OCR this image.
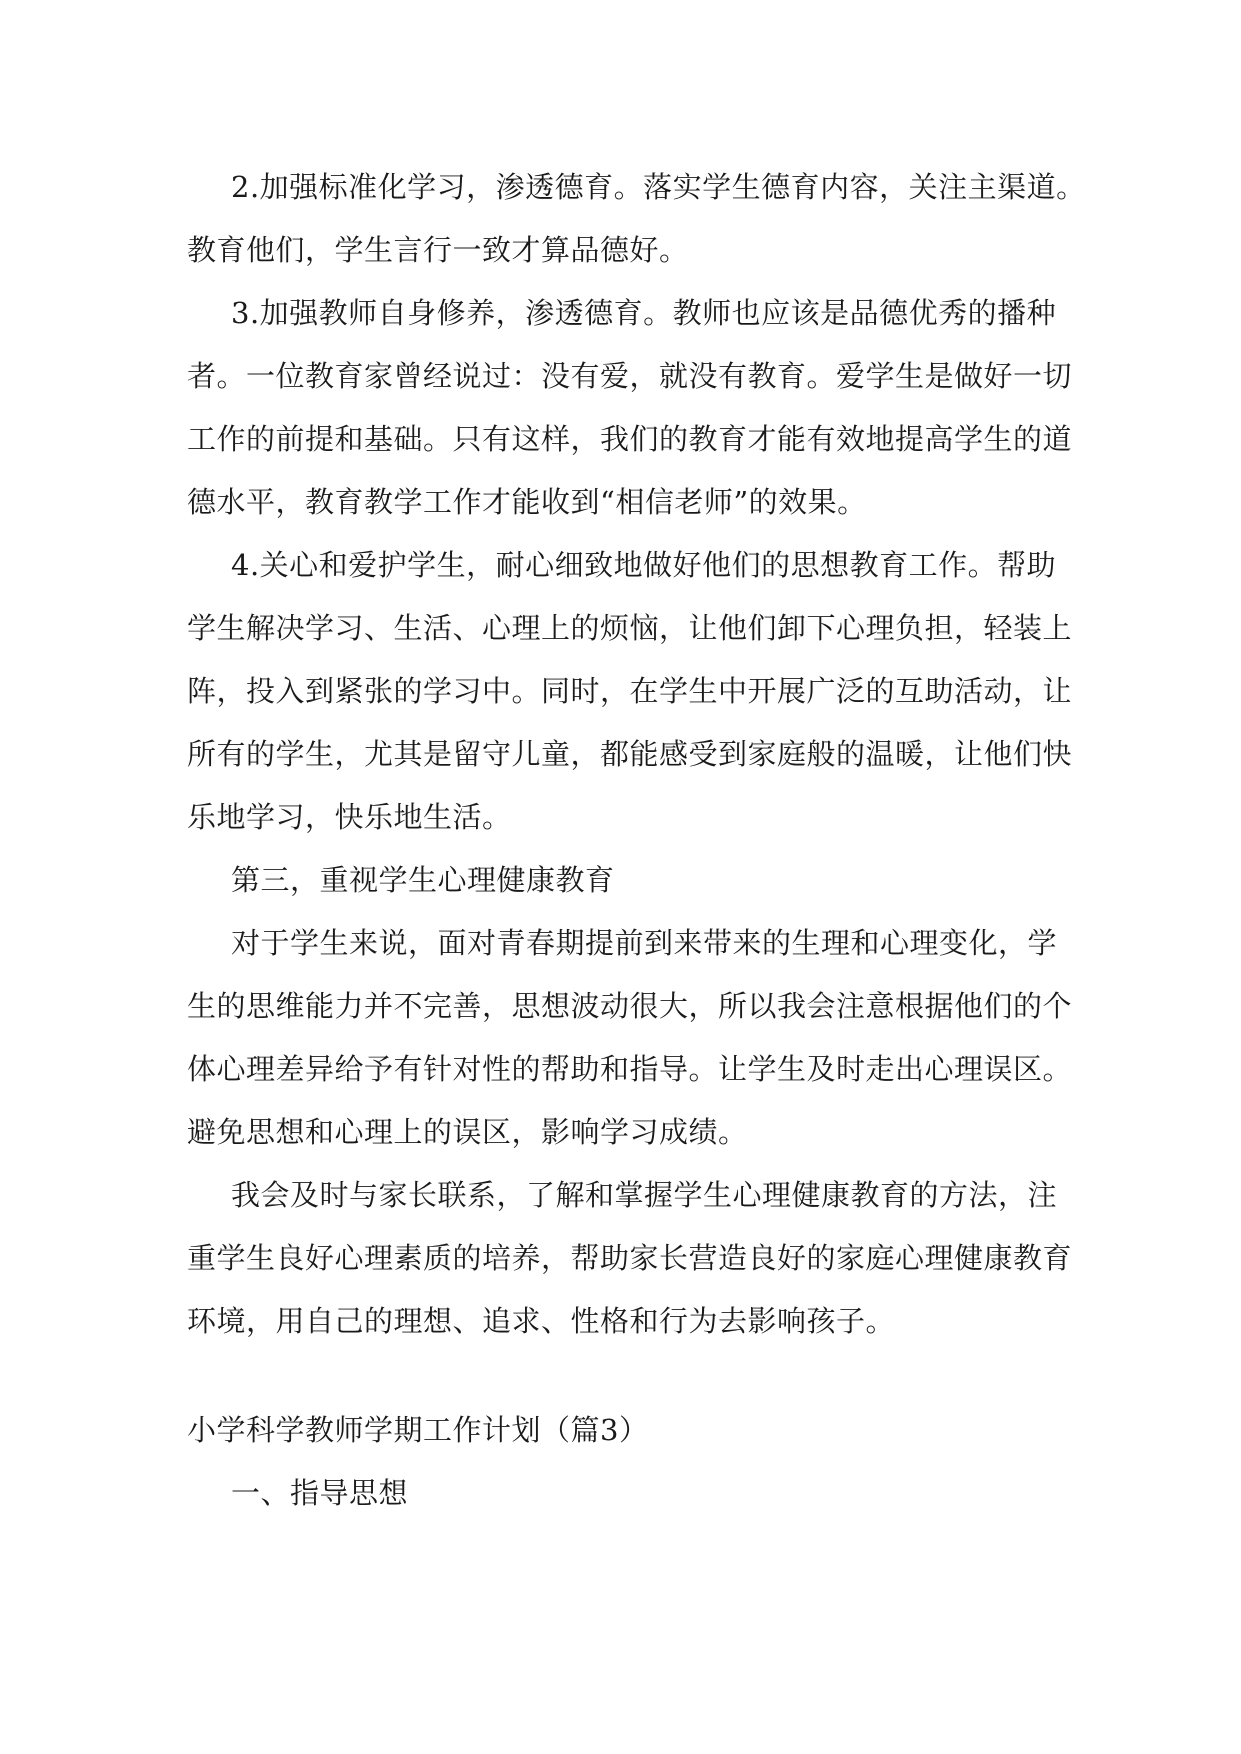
2.加强标准化学习，渗透德育。落实学生德育内容，关注主渠道。
教育他们，学生言行一致才算品德好。
3.加强教师自身修养，渗透德育。教师也应该是品德优秀的播种
者。一位教育家曾经说过：没有爱，就没有教育。爱学生是做好一切
工作的前提和基础。只有这样，我们的教育才能有效地提高学生的道
德水平，教育教学工作才能收到“相信老师”的效果。
4.关心和爱护学生，耐心细致地做好他们的思想教育工作。帮助
学生解决学习、生活、心理上的烦恼，让他们卸下心理负担，轻装上
阵，投入到紧张的学习中。同时，在学生中开展广泛的互助活动，让
所有的学生，尤其是留守儿童，都能感受到家庭般的温暖，让他们快
乐地学习，快乐地生活。
第三，重视学生心理健康教育
对于学生来说，面对青春期提前到来带来的生理和心理变化，学
生的思维能力并不完善，思想波动很大，所以我会注意根据他们的个
体心理差异给予有针对性的帮助和指导。让学生及时走出心理误区。
避免思想和心理上的误区，影响学习成绩。
我会及时与家长联系，了解和掌握学生心理健康教育的方法，注
重学生良好心理素质的培养，帮助家长营造良好的家庭心理健康教育
环境，用自己的理想、追求、性格和行为去影响孩子。
小学科学教师学期工作计划（篇3）
一、指导思想
